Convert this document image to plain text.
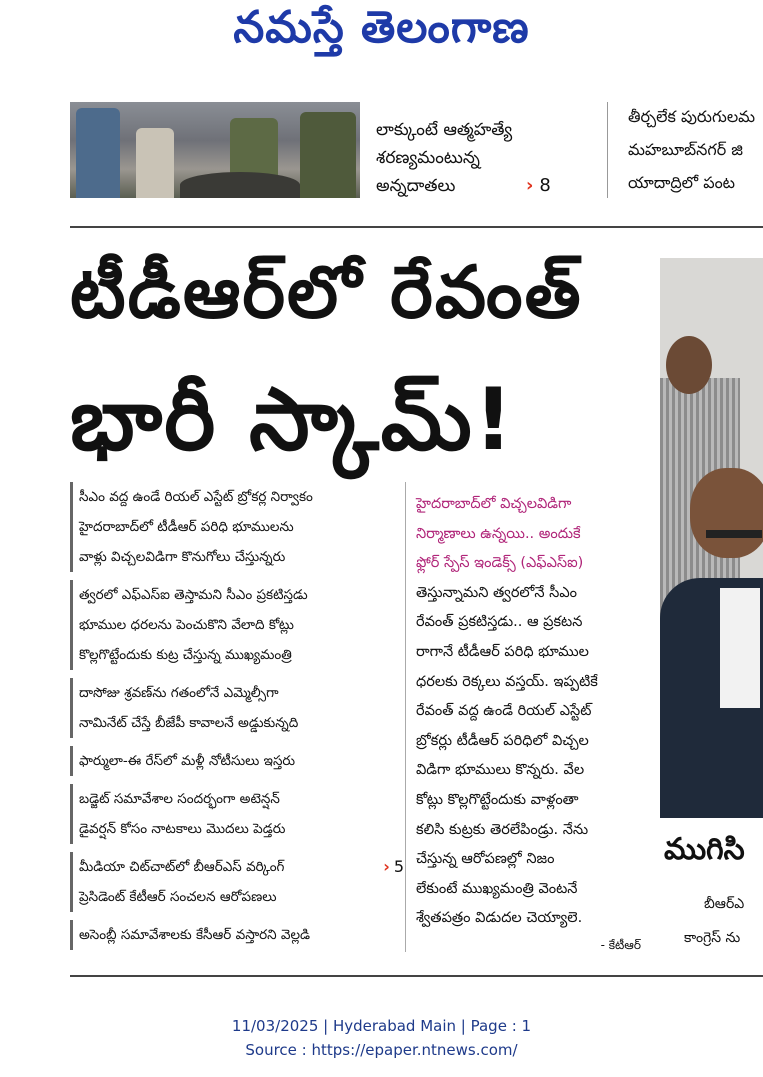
నమస్తే తెలంగాణ
లాక్కుంటే ఆత్మహత్యే
శరణ్యమంటున్న
అన్నదాతలు	› 8
తీర్చలేక పురుగులమ
మహబూబ్‌నగర్ జి
యాదాద్రిలో పంట
టీడీఆర్‌లో రేవంత్
భారీ స్కామ్!
సీఎం వద్ద ఉండే రియల్ ఎస్టేట్ బ్రోకర్ల నిర్వాకం
హైదరాబాద్‌లో టీడీఆర్ పరిధి భూములను
వాళ్లు విచ్చలవిడిగా కొనుగోలు చేస్తున్నరు
త్వరలో ఎఫ్‌ఎస్‌ఐ తెస్తామని సీఎం ప్రకటిస్తడు
భూముల ధరలను పెంచుకొని వేలాది కోట్లు
కొల్లగొట్టేందుకు కుట్ర చేస్తున్న ముఖ్యమంత్రి
దాసోజు శ్రవణ్‌ను గతంలోనే ఎమ్మెల్సీగా
నామినేట్ చేస్తే బీజేపీ కావాలనే అడ్డుకున్నది
ఫార్ములా-ఈ రేస్‌లో మళ్లీ నోటీసులు ఇస్తరు
బడ్జెట్ సమావేశాల సందర్భంగా అటెన్షన్
డైవర్షన్ కోసం నాటకాలు మొదలు పెడ్తరు
మీడియా చిట్‌చాట్‌లో బీఆర్‌ఎస్ వర్కింగ్
ప్రెసిడెంట్ కేటీఆర్ సంచలన ఆరోపణలు
› 5
అసెంబ్లీ సమావేశాలకు కేసీఆర్ వస్తారని వెల్లడి

హైదరాబాద్‌లో విచ్చలవిడిగా

నిర్మాణాలు ఉన్నయి.. అందుకే

ఫ్లోర్ స్పేస్ ఇండెక్స్ (ఎఫ్‌ఎస్‌ఐ)

తెస్తున్నామని త్వరలోనే సీఎం

రేవంత్ ప్రకటిస్తడు.. ఆ ప్రకటన

రాగానే టీడీఆర్ పరిధి భూముల

ధరలకు రెక్కలు వస్తయ్. ఇప్పటికే

రేవంత్ వద్ద ఉండే రియల్ ఎస్టేట్

బ్రోకర్లు టీడీఆర్ పరిధిలో విచ్చల

విడిగా భూములు కొన్నరు. వేల

కోట్లు కొల్లగొట్టేందుకు వాళ్లంతా

కలిసి కుట్రకు తెరలేపిండ్రు. నేను

చేస్తున్న ఆరోపణల్లో నిజం

లేకుంటే ముఖ్యమంత్రి వెంటనే

శ్వేతపత్రం విడుదల చెయ్యాలె.

- కేటీఆర్
ముగిసి
బీఆర్‌ఎ
కాంగ్రెస్ ను
11/03/2025 | Hyderabad Main | Page : 1
Source : https://epaper.ntnews.com/
